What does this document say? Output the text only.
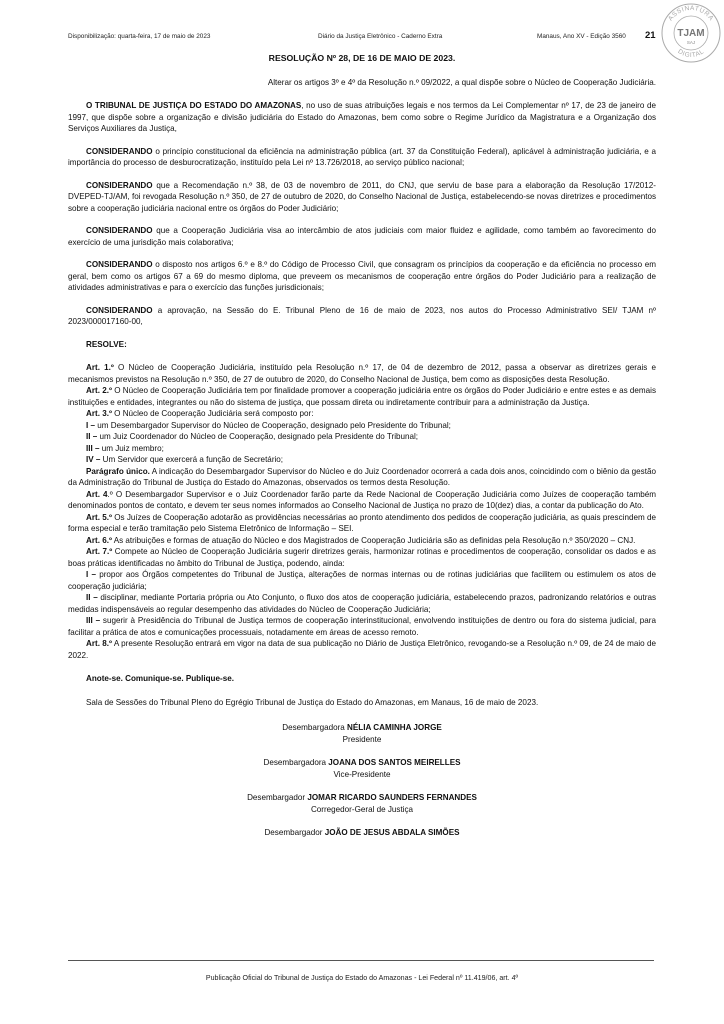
Disponibilização: quarta-feira, 17 de maio de 2023	Diário da Justiça Eletrônico - Caderno Extra	Manaus, Ano XV - Edição 3560 21
ASSINATURA
DIGITAL
TJAM
SAJ
RESOLUÇÃO Nº 28, DE 16 DE MAIO DE 2023.
Alterar os artigos 3º e 4º da Resolução n.º 09/2022, a qual dispõe sobre o Núcleo de Cooperação Judiciária.

O TRIBUNAL DE JUSTIÇA DO ESTADO DO AMAZONAS, no uso de suas atribuições legais e nos termos da Lei Complementar nº 17, de 23 de janeiro de 1997, que dispõe sobre a organização e divisão judiciária do Estado do Amazonas, bem como sobre o Regime Jurídico da Magistratura e a Organização dos Serviços Auxiliares da Justiça,

CONSIDERANDO o princípio constitucional da eficiência na administração pública (art. 37 da Constituição Federal), aplicável à administração judiciária, e a importância do processo de desburocratização, instituído pela Lei nº 13.726/2018, ao serviço público nacional;

CONSIDERANDO que a Recomendação n.º 38, de 03 de novembro de 2011, do CNJ, que serviu de base para a elaboração da Resolução 17/2012- DVEPED-TJ/AM, foi revogada Resolução n.º 350, de 27 de outubro de 2020, do Conselho Nacional de Justiça, estabelecendo-se novas diretrizes e procedimentos sobre a cooperação judiciária nacional entre os órgãos do Poder Judiciário;

CONSIDERANDO que a Cooperação Judiciária visa ao intercâmbio de atos judiciais com maior fluidez e agilidade, como também ao favorecimento do exercício de uma jurisdição mais colaborativa;

CONSIDERANDO o disposto nos artigos 6.º e 8.º do Código de Processo Civil, que consagram os princípios da cooperação e da eficiência no processo em geral, bem como os artigos 67 a 69 do mesmo diploma, que preveem os mecanismos de cooperação entre órgãos do Poder Judiciário para a realização de atividades administrativas e para o exercício das funções jurisdicionais;

CONSIDERANDO a aprovação, na Sessão do E. Tribunal Pleno de 16 de maio de 2023, nos autos do Processo Administrativo SEI/ TJAM nº 2023/000017160-00,

RESOLVE:

Art. 1.º O Núcleo de Cooperação Judiciária, instituído pela Resolução n.º 17, de 04 de dezembro de 2012, passa a observar as diretrizes gerais e mecanismos previstos na Resolução n.º 350, de 27 de outubro de 2020, do Conselho Nacional de Justiça, bem como as disposições desta Resolução.

Art. 2.º O Núcleo de Cooperação Judiciária tem por finalidade promover a cooperação judiciária entre os órgãos do Poder Judiciário e entre estes e as demais instituições e entidades, integrantes ou não do sistema de justiça, que possam direta ou indiretamente contribuir para a administração da Justiça.

Art. 3.º O Núcleo de Cooperação Judiciária será composto por:

I – um Desembargador Supervisor do Núcleo de Cooperação, designado pelo Presidente do Tribunal;

II – um Juiz Coordenador do Núcleo de Cooperação, designado pela Presidente do Tribunal;

III – um Juiz membro;

IV – Um Servidor que exercerá a função de Secretário;

Parágrafo único. A indicação do Desembargador Supervisor do Núcleo e do Juiz Coordenador ocorrerá a cada dois anos, coincidindo com o biênio da gestão da Administração do Tribunal de Justiça do Estado do Amazonas, observados os termos desta Resolução.

Art. 4.º O Desembargador Supervisor e o Juiz Coordenador farão parte da Rede Nacional de Cooperação Judiciária como Juízes de cooperação também denominados pontos de contato, e devem ter seus nomes informados ao Conselho Nacional de Justiça no prazo de 10(dez) dias, a contar da publicação do Ato.

Art. 5.º Os Juízes de Cooperação adotarão as providências necessárias ao pronto atendimento dos pedidos de cooperação judiciária, as quais prescindem de forma especial e terão tramitação pelo Sistema Eletrônico de Informação – SEI.

Art. 6.º As atribuições e formas de atuação do Núcleo e dos Magistrados de Cooperação Judiciária são as definidas pela Resolução n.º 350/2020 – CNJ.

Art. 7.º Compete ao Núcleo de Cooperação Judiciária sugerir diretrizes gerais, harmonizar rotinas e procedimentos de cooperação, consolidar os dados e as boas práticas identificadas no âmbito do Tribunal de Justiça, podendo, ainda:

I – propor aos Órgãos competentes do Tribunal de Justiça, alterações de normas internas ou de rotinas judiciárias que facilitem ou estimulem os atos de cooperação judiciária;

II – disciplinar, mediante Portaria própria ou Ato Conjunto, o fluxo dos atos de cooperação judiciária, estabelecendo prazos, padronizando relatórios e outras medidas indispensáveis ao regular desempenho das atividades do Núcleo de Cooperação Judiciária;

III – sugerir à Presidência do Tribunal de Justiça termos de cooperação interinstitucional, envolvendo instituições de dentro ou fora do sistema judicial, para facilitar a prática de atos e comunicações processuais, notadamente em áreas de acesso remoto.

Art. 8.º A presente Resolução entrará em vigor na data de sua publicação no Diário de Justiça Eletrônico, revogando-se a Resolução n.º 09, de 24 de maio de 2022.

Anote-se. Comunique-se. Publique-se.
Sala de Sessões do Tribunal Pleno do Egrégio Tribunal de Justiça do Estado do Amazonas, em Manaus, 16 de maio de 2023.
Desembargadora NÉLIA CAMINHA JORGE
Presidente
Desembargadora JOANA DOS SANTOS MEIRELLES
Vice-Presidente
Desembargador JOMAR RICARDO SAUNDERS FERNANDES
Corregedor-Geral de Justiça
Desembargador JOÃO DE JESUS ABDALA SIMÕES
Publicação Oficial do Tribunal de Justiça do Estado do Amazonas - Lei Federal nº 11.419/06, art. 4º
